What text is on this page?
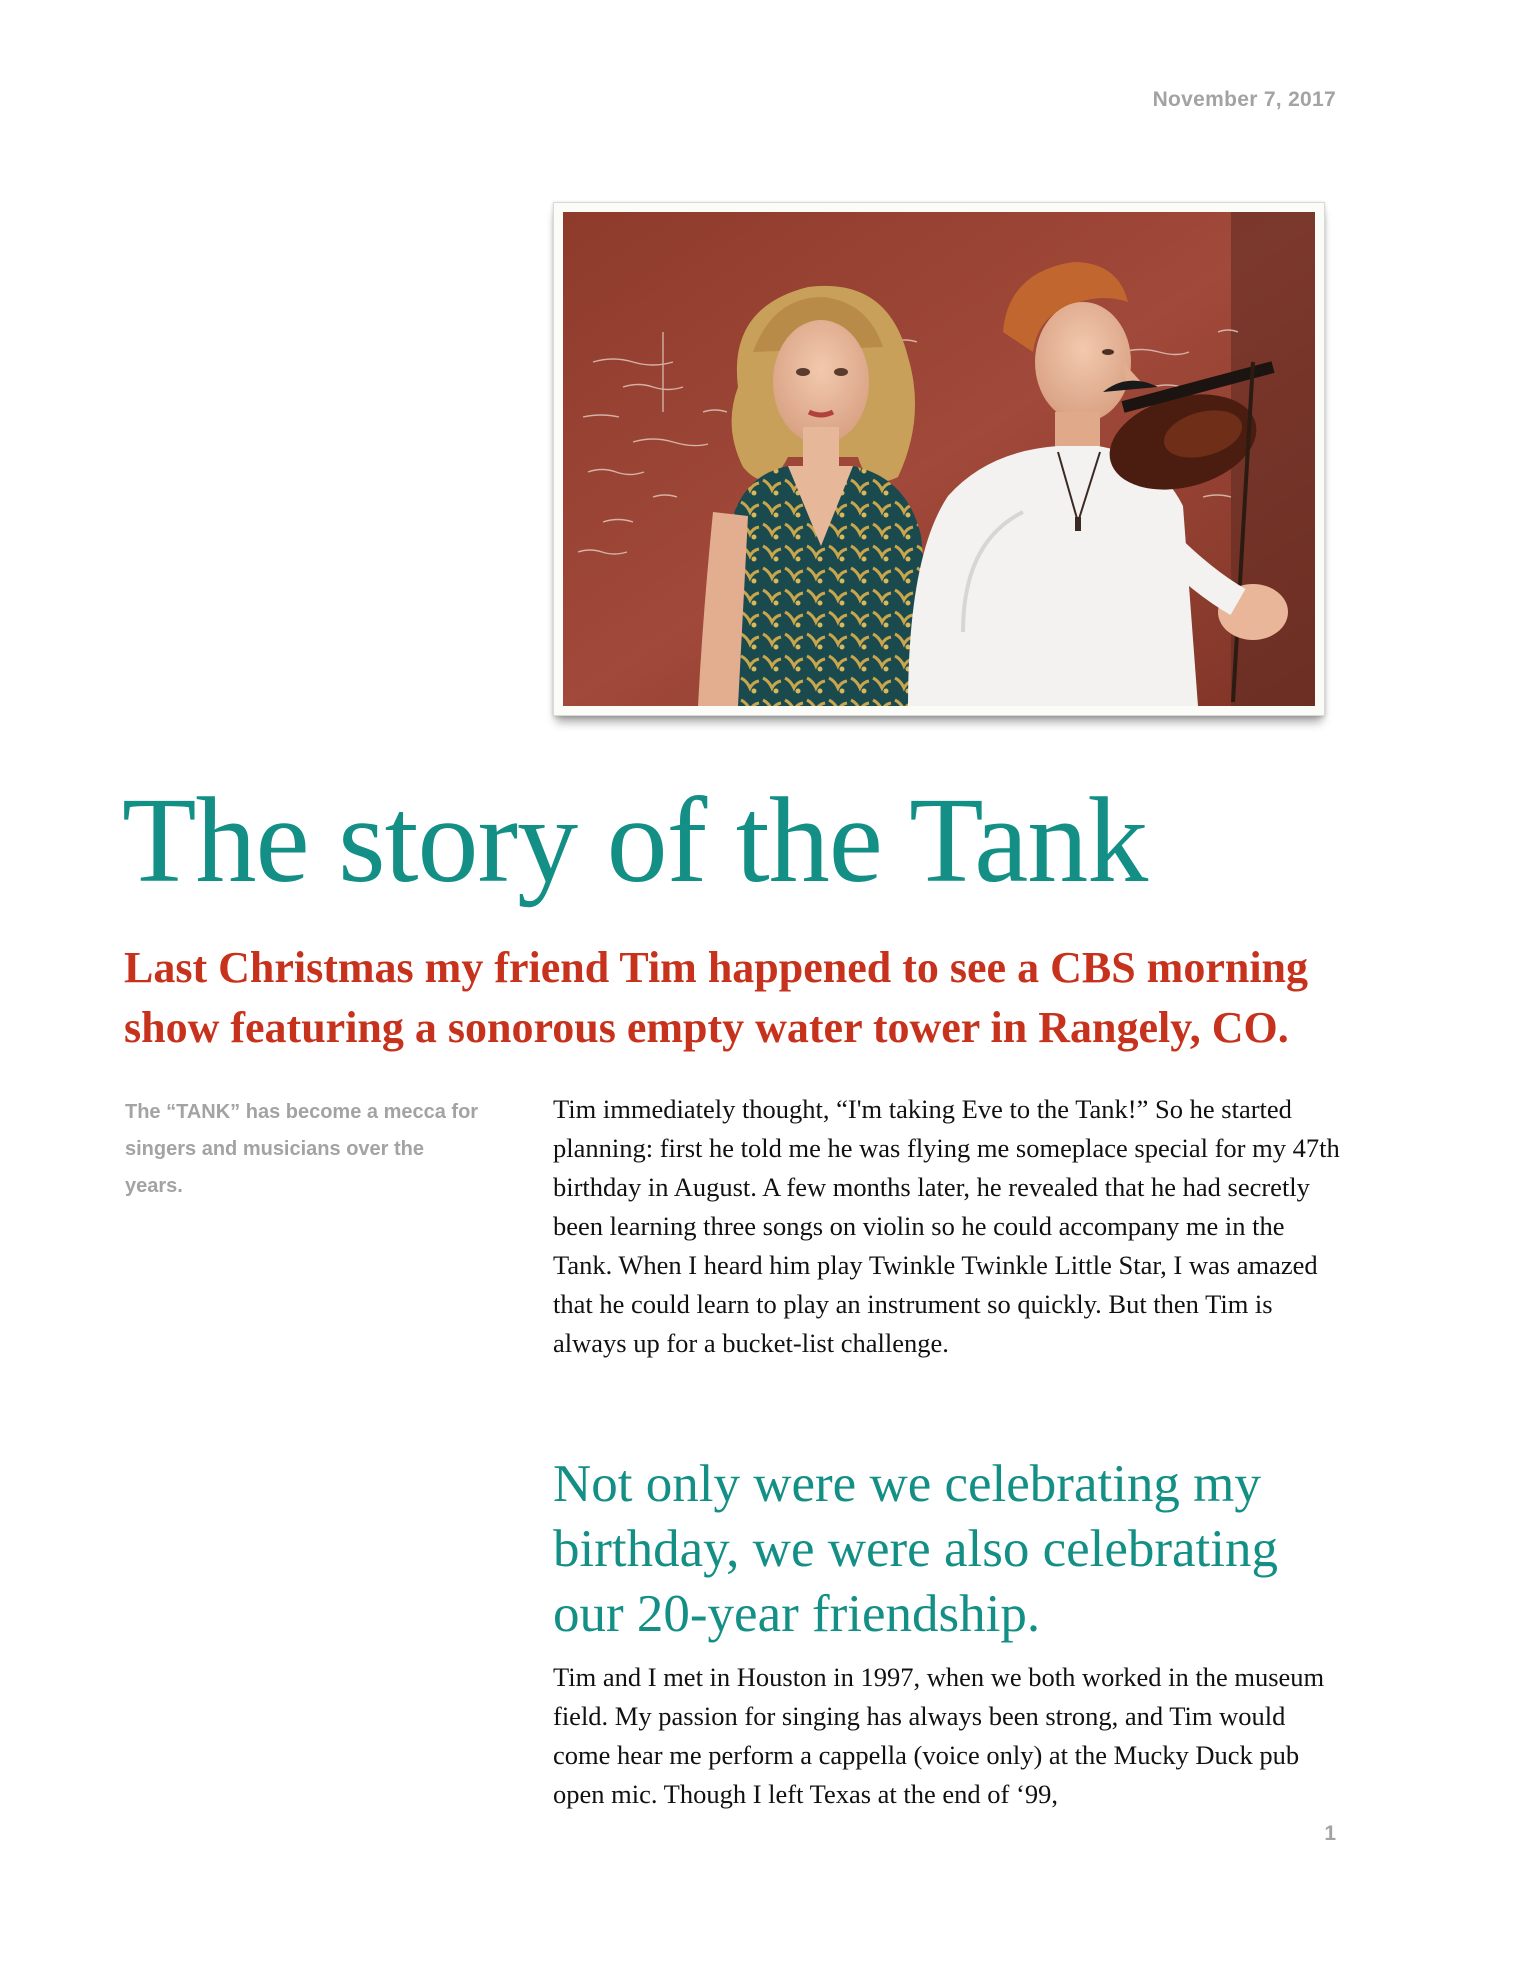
November 7, 2017
The story of the Tank
Last Christmas my friend Tim happened to see a CBS morning show featuring a sonorous empty water tower in Rangely, CO.

The “TANK” has become a mecca for singers and musicians over the years.

Tim immediately thought, “I'm taking Eve to the Tank!” So he started planning: first he told me he was flying me someplace special for my 47th birthday in August. A few months later, he revealed that he had secretly been learning three songs on violin so he could accompany me in the Tank. When I heard him play Twinkle Twinkle Little Star, I was amazed that he could learn to play an instrument so quickly. But then Tim is always up for a bucket-list challenge.

Not only were we celebrating my birthday, we were also celebrating our 20-year friendship.

Tim and I met in Houston in 1997, when we both worked in the museum field. My passion for singing has always been strong, and Tim would come hear me perform a cappella (voice only) at the Mucky Duck pub open mic. Though I left Texas at the end of ‘99,

1
